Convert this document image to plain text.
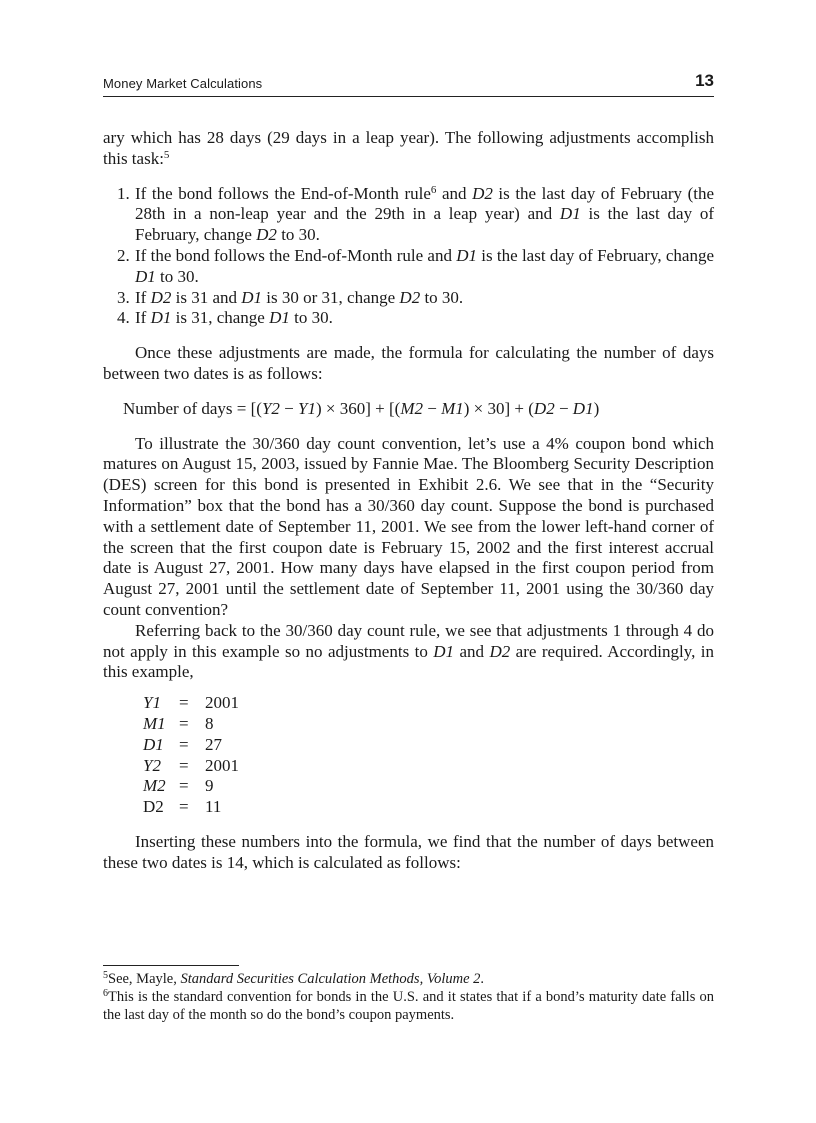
Money Market Calculations	13

ary which has 28 days (29 days in a leap year). The following adjustments accomplish this task:$^5$

1. If the bond follows the End-of-Month rule$^6$ and D2 is the last day of February (the 28th in a non-leap year and the 29th in a leap year) and D1 is the last day of February, change D2 to 30.
2. If the bond follows the End-of-Month rule and D1 is the last day of February, change D1 to 30.
3. If D2 is 31 and D1 is 30 or 31, change D2 to 30.
4. If D1 is 31, change D1 to 30.

Once these adjustments are made, the formula for calculating the number of days between two dates is as follows:

Number of days = [(Y2 − Y1) × 360] + [(M2 − M1) × 30] + (D2 − D1)

To illustrate the 30/360 day count convention, let’s use a 4% coupon bond which matures on August 15, 2003, issued by Fannie Mae. The Bloomberg Security Description (DES) screen for this bond is presented in Exhibit 2.6. We see that in the “Security Information” box that the bond has a 30/360 day count. Suppose the bond is purchased with a settlement date of September 11, 2001. We see from the lower left-hand corner of the screen that the first coupon date is February 15, 2002 and the first interest accrual date is August 27, 2001. How many days have elapsed in the first coupon period from August 27, 2001 until the settlement date of September 11, 2001 using the 30/360 day count convention?

Referring back to the 30/360 day count rule, we see that adjustments 1 through 4 do not apply in this example so no adjustments to D1 and D2 are required. Accordingly, in this example,

Y1	=	2001
M1	=	8
D1	=	27
Y2	=	2001
M2	=	9
D2	=	11

Inserting these numbers into the formula, we find that the number of days between these two dates is 14, which is calculated as follows:

$^5$See, Mayle, Standard Securities Calculation Methods, Volume 2.

$^6$This is the standard convention for bonds in the U.S. and it states that if a bond’s maturity date falls on the last day of the month so do the bond’s coupon payments.
